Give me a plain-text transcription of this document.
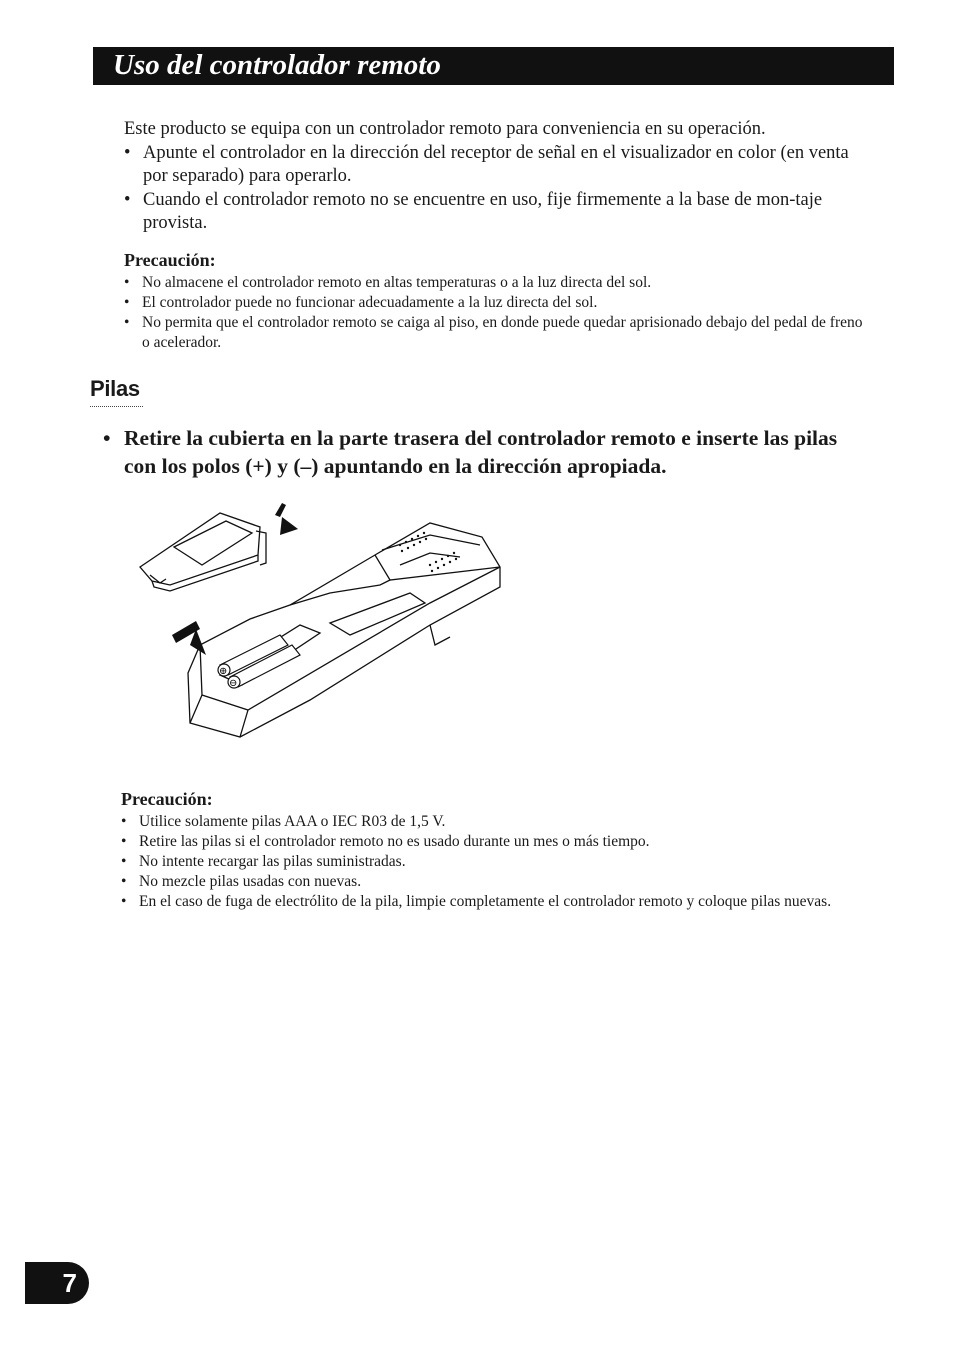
Uso del controlador remoto

Este producto se equipa con un controlador remoto para conveniencia en su operación.

• Apunte el controlador en la dirección del receptor de señal en el visualizador en color (en venta por separado) para operarlo.

• Cuando el controlador remoto no se encuentre en uso, fije firmemente a la base de mon-taje provista.

Precaución:
• No almacene el controlador remoto en altas temperaturas o a la luz directa del sol.
• El controlador puede no funcionar adecuadamente a la luz directa del sol.
• No permita que el controlador remoto se caiga al piso, en donde puede quedar aprisionado debajo del pedal de freno o acelerador.
Pilas
• Retire la cubierta en la parte trasera del controlador remoto e inserte las pilas con los polos (+) y (–) apuntando en la dirección apropiada.
⊕
⊖
Precaución:
• Utilice solamente pilas AAA o IEC R03 de 1,5 V.
• Retire las pilas si el controlador remoto no es usado durante un mes o más tiempo.
• No intente recargar las pilas suministradas.
• No mezcle pilas usadas con nuevas.
• En el caso de fuga de electrólito de la pila, limpie completamente el controlador remoto y coloque pilas nuevas.
7
